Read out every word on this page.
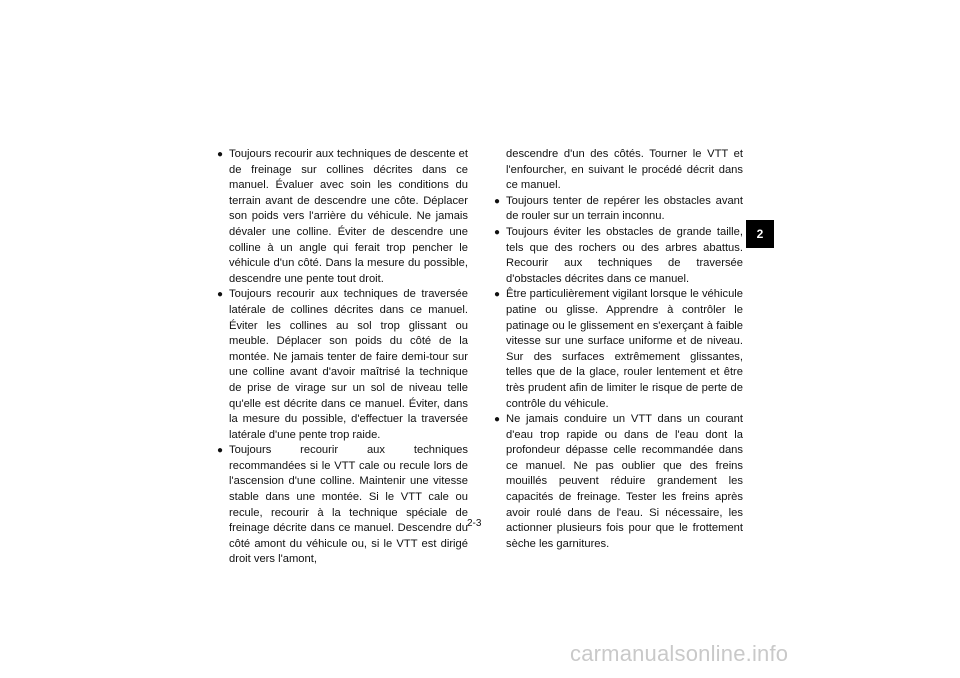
● Toujours recourir aux techniques de descente et de freinage sur collines décrites dans ce manuel. Évaluer avec soin les conditions du terrain avant de descendre une côte. Déplacer son poids vers l'arrière du véhicule. Ne jamais dévaler une colline. Éviter de descendre une colline à un angle qui ferait trop pencher le véhicule d'un côté. Dans la mesure du possible, descendre une pente tout droit.

● Toujours recourir aux techniques de traversée latérale de collines décrites dans ce manuel. Éviter les collines au sol trop glissant ou meuble. Déplacer son poids du côté de la montée. Ne jamais tenter de faire demi-tour sur une colline avant d'avoir maîtrisé la technique de prise de virage sur un sol de niveau telle qu'elle est décrite dans ce manuel. Éviter, dans la mesure du possible, d'effectuer la traversée latérale d'une pente trop raide.

● Toujours recourir aux techniques recommandées si le VTT cale ou recule lors de l'ascension d'une colline. Maintenir une vitesse stable dans une montée. Si le VTT cale ou recule, recourir à la technique spéciale de freinage décrite dans ce manuel. Descendre du côté amont du véhicule ou, si le VTT est dirigé droit vers l'amont,

descendre d'un des côtés. Tourner le VTT et l'enfourcher, en suivant le procédé décrit dans ce manuel.

● Toujours tenter de repérer les obstacles avant de rouler sur un terrain inconnu.

● Toujours éviter les obstacles de grande taille, tels que des rochers ou des arbres abattus. Recourir aux techniques de traversée d'obstacles décrites dans ce manuel.

● Être particulièrement vigilant lorsque le véhicule patine ou glisse. Apprendre à contrôler le patinage ou le glissement en s'exerçant à faible vitesse sur une surface uniforme et de niveau. Sur des surfaces extrêmement glissantes, telles que de la glace, rouler lentement et être très prudent afin de limiter le risque de perte de contrôle du véhicule.

● Ne jamais conduire un VTT dans un courant d'eau trop rapide ou dans de l'eau dont la profondeur dépasse celle recommandée dans ce manuel. Ne pas oublier que des freins mouillés peuvent réduire grandement les capacités de freinage. Tester les freins après avoir roulé dans de l'eau. Si nécessaire, les actionner plusieurs fois pour que le frottement sèche les garnitures.

2
2-3
carmanualsonline.info
